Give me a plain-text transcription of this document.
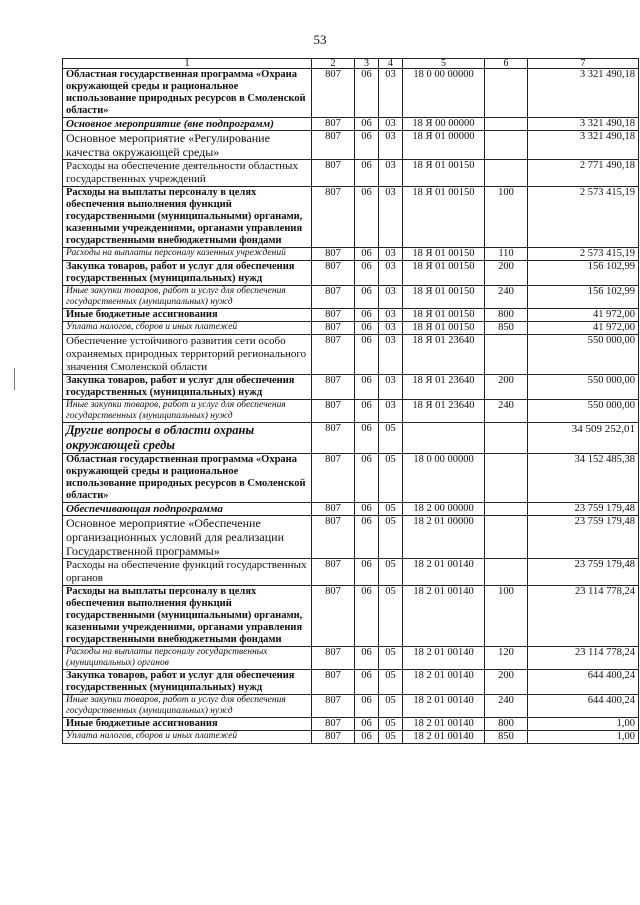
53
1	2	3	4	5	6	7
Областная государственная программа «Охрана окружающей среды и рациональное использование природных ресурсов в Смоленской области»	807	06	03	18 0 00 00000		3 321 490,18
Основное мероприятие (вне подпрограмм)	807	06	03	18 Я 00 00000		3 321 490,18
Основное мероприятие «Регулирование качества окружающей среды»	807	06	03	18 Я 01 00000		3 321 490,18
Расходы на обеспечение деятельности областных государственных учреждений	807	06	03	18 Я 01 00150		2 771 490,18
Расходы на выплаты персоналу в целях обеспечения выполнения функций государственными (муниципальными) органами, казенными учреждениями, органами управления государственными внебюджетными фондами	807	06	03	18 Я 01 00150	100	2 573 415,19
Расходы на выплаты персоналу казенных учреждений	807	06	03	18 Я 01 00150	110	2 573 415,19
Закупка товаров, работ и услуг для обеспечения государственных (муниципальных) нужд	807	06	03	18 Я 01 00150	200	156 102,99
Иные закупки товаров, работ и услуг для обеспечения государственных (муниципальных) нужд	807	06	03	18 Я 01 00150	240	156 102,99
Иные бюджетные ассигнования	807	06	03	18 Я 01 00150	800	41 972,00
Уплата налогов, сборов и иных платежей	807	06	03	18 Я 01 00150	850	41 972,00
Обеспечение устойчивого развития сети особо охраняемых природных территорий регионального значения Смоленской области	807	06	03	18 Я 01 23640		550 000,00
Закупка товаров, работ и услуг для обеспечения государственных (муниципальных) нужд	807	06	03	18 Я 01 23640	200	550 000,00
Иные закупки товаров, работ и услуг для обеспечения государственных (муниципальных) нужд	807	06	03	18 Я 01 23640	240	550 000,00
Другие вопросы в области охраны окружающей среды	807	06	05			34 509 252,01
Областная государственная программа «Охрана окружающей среды и рациональное использование природных ресурсов в Смоленской области»	807	06	05	18 0 00 00000		34 152 485,38
Обеспечивающая подпрограмма	807	06	05	18 2 00 00000		23 759 179,48
Основное мероприятие «Обеспечение организационных условий для реализации Государственной программы»	807	06	05	18 2 01 00000		23 759 179,48
Расходы на обеспечение функций государственных органов	807	06	05	18 2 01 00140		23 759 179,48
Расходы на выплаты персоналу в целях обеспечения выполнения функций государственными (муниципальными) органами, казенными учреждениями, органами управления государственными внебюджетными фондами	807	06	05	18 2 01 00140	100	23 114 778,24
Расходы на выплаты персоналу государственных (муниципальных) органов	807	06	05	18 2 01 00140	120	23 114 778,24
Закупка товаров, работ и услуг для обеспечения государственных (муниципальных) нужд	807	06	05	18 2 01 00140	200	644 400,24
Иные закупки товаров, работ и услуг для обеспечения государственных (муниципальных) нужд	807	06	05	18 2 01 00140	240	644 400,24
Иные бюджетные ассигнования	807	06	05	18 2 01 00140	800	1,00
Уплата налогов, сборов и иных платежей	807	06	05	18 2 01 00140	850	1,00
